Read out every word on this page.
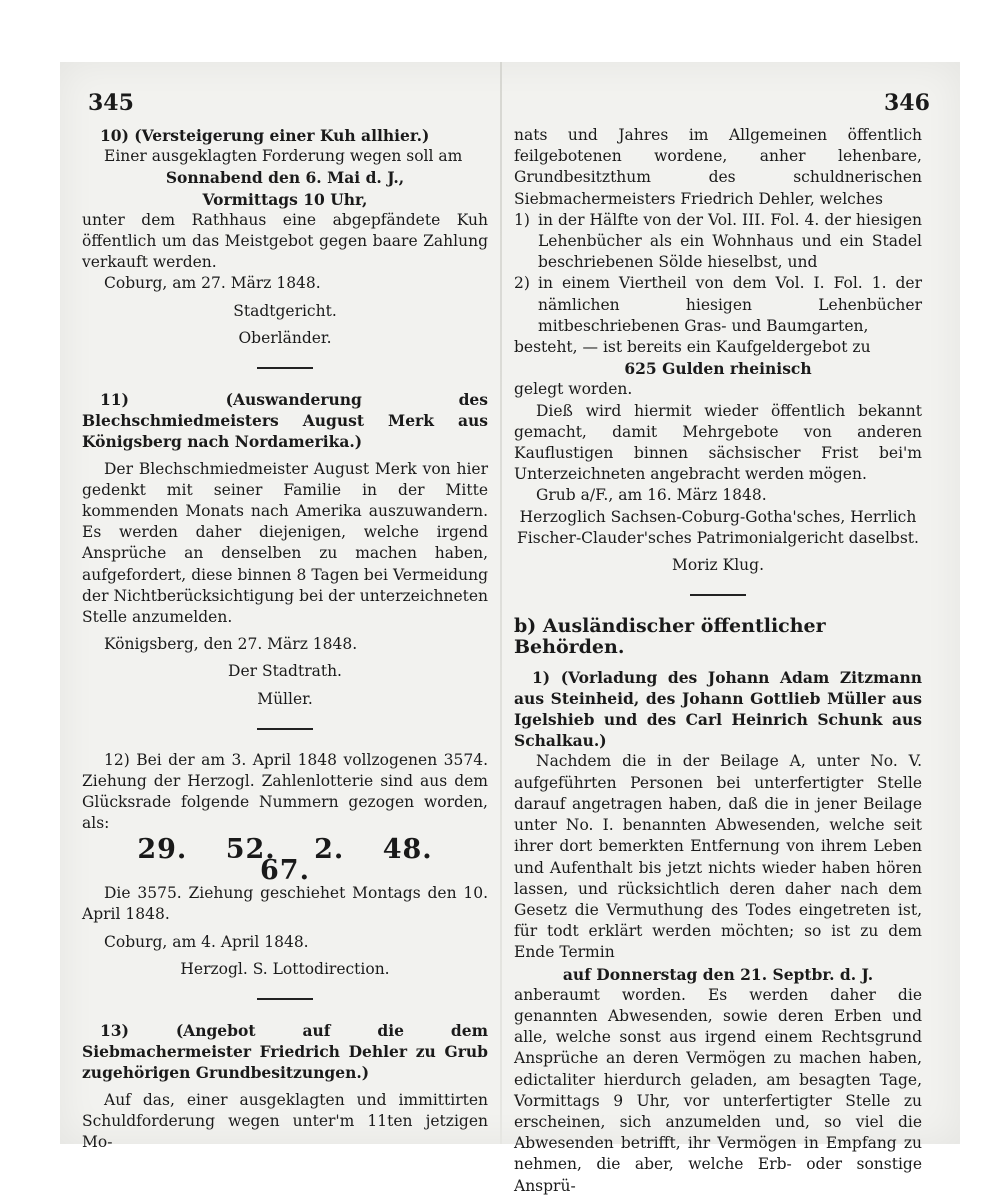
345	346

10) (Versteigerung einer Kuh allhier.)

Einer ausgeklagten Forderung wegen soll am

Sonnabend den 6. Mai d. J.,

Vormittags 10 Uhr,

unter dem Rathhaus eine abgepfändete Kuh öffentlich um das Meistgebot gegen baare Zahlung verkauft werden.

Coburg, am 27. März 1848.

Stadtgericht.

Oberländer.

11) (Auswanderung des Blechschmiedmeisters August Merk aus Königsberg nach Nordamerika.)

Der Blechschmiedmeister August Merk von hier gedenkt mit seiner Familie in der Mitte kommenden Monats nach Amerika auszuwandern. Es werden daher diejenigen, welche irgend Ansprüche an denselben zu machen haben, aufgefordert, diese binnen 8 Tagen bei Vermeidung der Nichtberücksichtigung bei der unterzeichneten Stelle anzumelden.

Königsberg, den 27. März 1848.

Der Stadtrath.

Müller.

12) Bei der am 3. April 1848 vollzogenen 3574. Ziehung der Herzogl. Zahlenlotterie sind aus dem Glücksrade folgende Nummern gezogen worden, als:

29. 52. 2. 48. 67.

Die 3575. Ziehung geschiehet Montags den 10. April 1848.

Coburg, am 4. April 1848.

Herzogl. S. Lottodirection.

13) (Angebot auf die dem Siebmachermeister Friedrich Dehler zu Grub zugehörigen Grundbesitzungen.)

Auf das, einer ausgeklagten und immittirten Schuldforderung wegen unter'm 11ten jetzigen Mo-

nats und Jahres im Allgemeinen öffentlich feilgebotenen wordene, anher lehenbare, Grundbesitzthum des schuldnerischen Siebmachermeisters Friedrich Dehler, welches

1) in der Hälfte von der Vol. III. Fol. 4. der hiesigen Lehenbücher als ein Wohnhaus und ein Stadel beschriebenen Sölde hieselbst, und
2) in einem Viertheil von dem Vol. I. Fol. 1. der nämlichen hiesigen Lehenbücher mitbeschriebenen Gras- und Baumgarten,

besteht, — ist bereits ein Kaufgeldergebot zu

625 Gulden rheinisch

gelegt worden.

Dieß wird hiermit wieder öffentlich bekannt gemacht, damit Mehrgebote von anderen Kauflustigen binnen sächsischer Frist bei'm Unterzeichneten angebracht werden mögen.

Grub a/F., am 16. März 1848.

Herzoglich Sachsen-Coburg-Gotha'sches, Herrlich Fischer-Clauder'sches Patrimonialgericht daselbst.

Moriz Klug.

b) Ausländischer öffentlicher Behörden.

1) (Vorladung des Johann Adam Zitzmann aus Steinheid, des Johann Gottlieb Müller aus Igelshieb und des Carl Heinrich Schunk aus Schalkau.)

Nachdem die in der Beilage A, unter No. V. aufgeführten Personen bei unterfertigter Stelle darauf angetragen haben, daß die in jener Beilage unter No. I. benannten Abwesenden, welche seit ihrer dort bemerkten Entfernung von ihrem Leben und Aufenthalt bis jetzt nichts wieder haben hören lassen, und rücksichtlich deren daher nach dem Gesetz die Vermuthung des Todes eingetreten ist, für todt erklärt werden möchten; so ist zu dem Ende Termin

auf Donnerstag den 21. Septbr. d. J.

anberaumt worden. Es werden daher die genannten Abwesenden, sowie deren Erben und alle, welche sonst aus irgend einem Rechtsgrund Ansprüche an deren Vermögen zu machen haben, edictaliter hierdurch geladen, am besagten Tage, Vormittags 9 Uhr, vor unterfertigter Stelle zu erscheinen, sich anzumelden und, so viel die Abwesenden betrifft, ihr Vermögen in Empfang zu nehmen, die aber, welche Erb- oder sonstige Ansprü-
